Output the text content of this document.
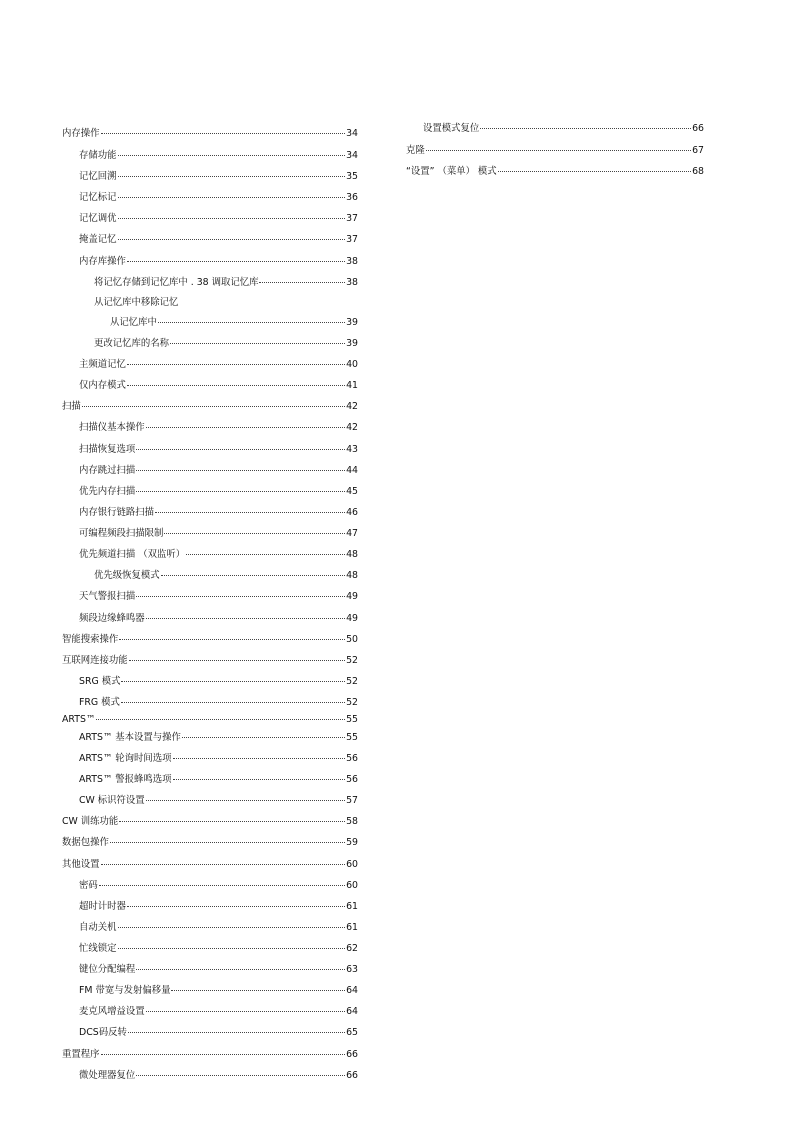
内存操作	34
存储功能	34
记忆回溯	35
记忆标记	36
记忆调优	37
掩盖记忆	37
内存库操作	38
将记忆存储到记忆库中 . 38 调取记忆库	38
从记忆库中移除记忆
从记忆库中	39
更改记忆库的名称	39
主频道记忆	40
仅内存模式	41
扫描	42
扫描仪基本操作	42
扫描恢复选项	43
内存跳过扫描	44
优先内存扫描	45
内存银行链路扫描	46
可编程频段扫描限制	47
优先频道扫描 （双监听）	48
优先级恢复模式	48
天气警报扫描	49
频段边缘蜂鸣器	49
智能搜索操作	50
互联网连接功能	52
SRG 模式	52
FRG 模式	52
ARTS™	55
ARTS™ 基本设置与操作	55
ARTS™ 轮询时间选项	56
ARTS™ 警报蜂鸣选项	56
CW 标识符设置	57
CW 训练功能	58
数据包操作	59
其他设置	60
密码	60
超时计时器	61
自动关机	61
忙线锁定	62
键位分配编程	63
FM 带宽与发射偏移量	64
麦克风增益设置	64
DCS码反转	65
重置程序	66
微处理器复位	66
设置模式复位	66
克隆	67
“设置” （菜单） 模式	68
